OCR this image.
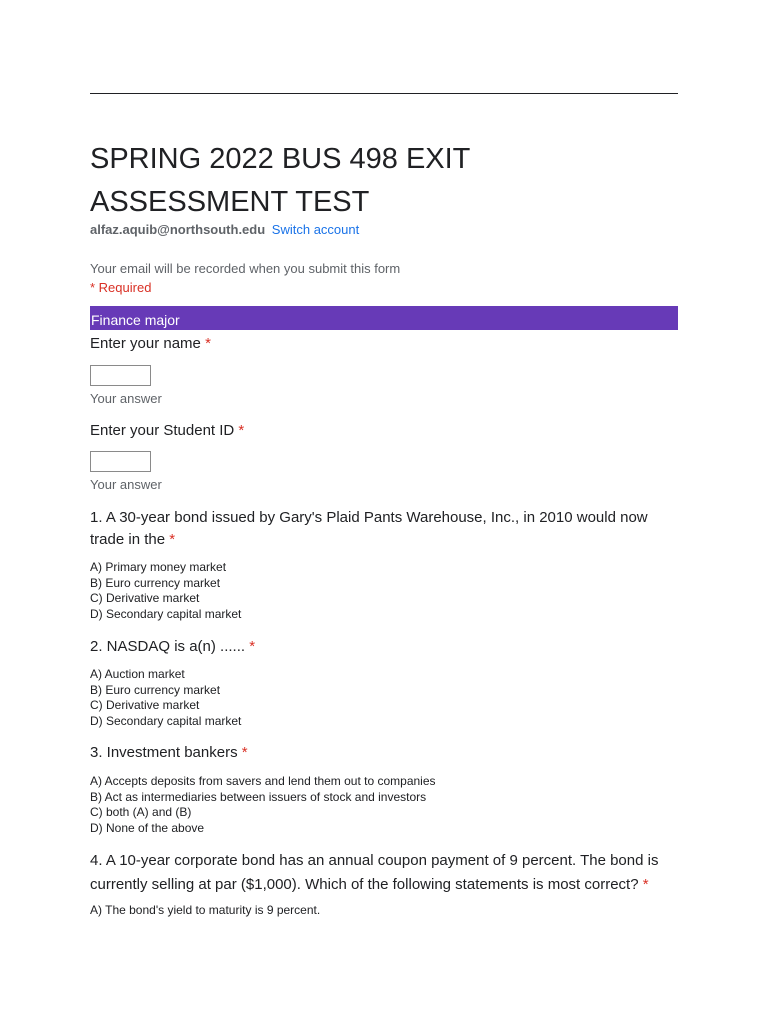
SPRING 2022 BUS 498 EXIT
ASSESSMENT TEST
alfaz.aquib@northsouth.edu Switch account
Your email will be recorded when you submit this form
* Required
Finance major
Enter your name *
Your answer
Enter your Student ID *
Your answer
1. A 30-year bond issued by Gary's Plaid Pants Warehouse, Inc., in 2010 would now
trade in the *
A) Primary money market
B) Euro currency market
C) Derivative market
D) Secondary capital market
2. NASDAQ is a(n) ...... *
A) Auction market
B) Euro currency market
C) Derivative market
D) Secondary capital market
3. Investment bankers *
A) Accepts deposits from savers and lend them out to companies
B) Act as intermediaries between issuers of stock and investors
C) both (A) and (B)
D) None of the above
4. A 10-year corporate bond has an annual coupon payment of 9 percent. The bond is
currently selling at par ($1,000). Which of the following statements is most correct? *
A) The bond's yield to maturity is 9 percent.
